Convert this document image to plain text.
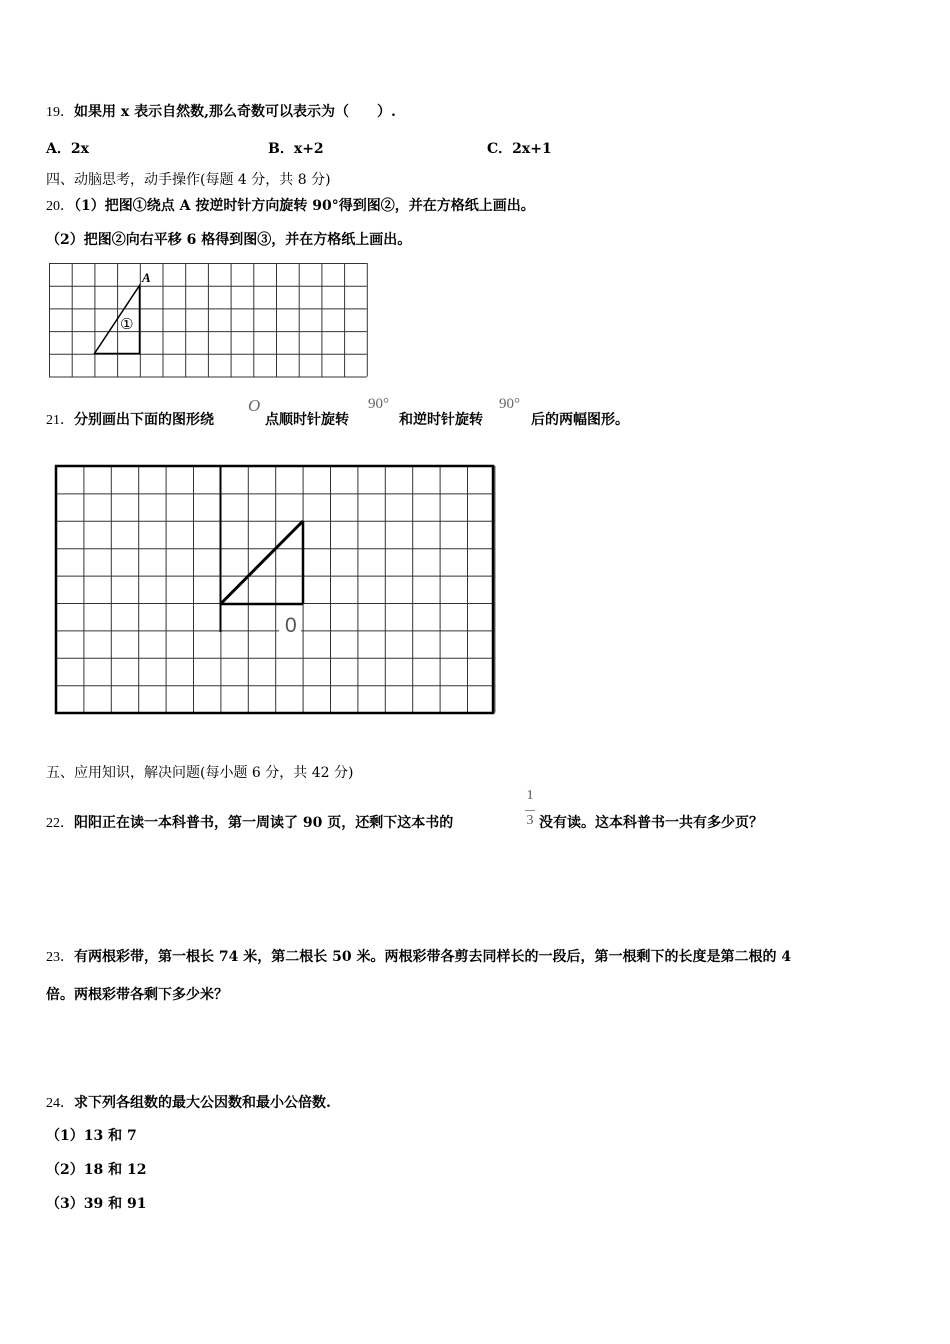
19．如果用 x 表示自然数,那么奇数可以表示为（　　）.
A．2x	B．x+2	C．2x+1
四、动脑思考，动手操作(每题 4 分，共 8 分)
20．（1）把图①绕点 A 按逆时针方向旋转 90°得到图②，并在方格纸上画出。
（2）把图②向右平移 6 格得到图③，并在方格纸上画出。
A
①
21．分别画出下面的图形绕
O
点顺时针旋转
90°
和逆时针旋转
90°
后的两幅图形。
0
五、应用知识，解决问题(每小题 6 分，共 42 分)
22．阳阳正在读一本科普书，第一周读了 90 页，还剩下这本书的
1
3 没有读。这本科普书一共有多少页？
23．有两根彩带，第一根长 74 米，第二根长 50 米。两根彩带各剪去同样长的一段后，第一根剩下的长度是第二根的 4
倍。两根彩带各剩下多少米？
24．求下列各组数的最大公因数和最小公倍数.
（1）13 和 7
（2）18 和 12
（3）39 和 91
